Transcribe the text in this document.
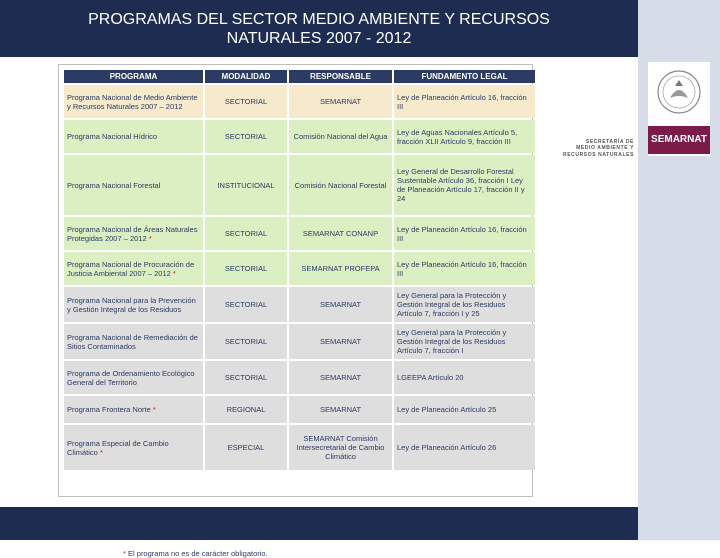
PROGRAMAS DEL SECTOR MEDIO AMBIENTE Y RECURSOS
NATURALES 2007 - 2012
SEMARNAT
SECRETARÍA DE
MEDIO AMBIENTE Y
RECURSOS NATURALES
PROGRAMA	MODALIDAD	RESPONSABLE	FUNDAMENTO LEGAL
Programa Nacional de Medio Ambiente y Recursos Naturales 2007 – 2012	SECTORIAL	SEMARNAT	Ley de Planeación Artículo 16, fracción III
Programa Nacional Hídrico	SECTORIAL	Comisión Nacional del Agua	Ley de Aguas Nacionales Artículo 5, fracción XLII Artículo 9, fracción III
Programa Nacional Forestal	INSTITUCIONAL	Comisión Nacional Forestal	Ley General de Desarrollo Forestal Sustentable Artículo 36, fracción I Ley de Planeación Artículo 17, fracción II y 24
Programa Nacional de Áreas Naturales Protegidas 2007 – 2012 *	SECTORIAL	SEMARNAT CONANP	Ley de Planeación Artículo 16, fracción III
Programa Nacional de Procuración de Justicia Ambiental 2007 – 2012 *	SECTORIAL	SEMARNAT PROFEPA	Ley de Planeación Artículo 16, fracción III
Programa Nacional para la Prevención y Gestión Integral de los Residuos	SECTORIAL	SEMARNAT	Ley General para la Protección y Gestión Integral de los Residuos Artículo 7, fracción I y 25
Programa Nacional de Remediación de Sitios Contaminados	SECTORIAL	SEMARNAT	Ley General para la Protección y Gestión Integral de los Residuos Artículo 7, fracción I
Programa de Ordenamiento Ecológico General del Territorio	SECTORIAL	SEMARNAT	LGEEPA Artículo 20
Programa Frontera Norte *	REGIONAL	SEMARNAT	Ley de Planeación Artículo 25
Programa Especial de Cambio Climático *	ESPECIAL	SEMARNAT Comisión Intersecretarial de Cambio Climático	Ley de Planeación Artículo 26
* El programa no es de carácter obligatorio.
